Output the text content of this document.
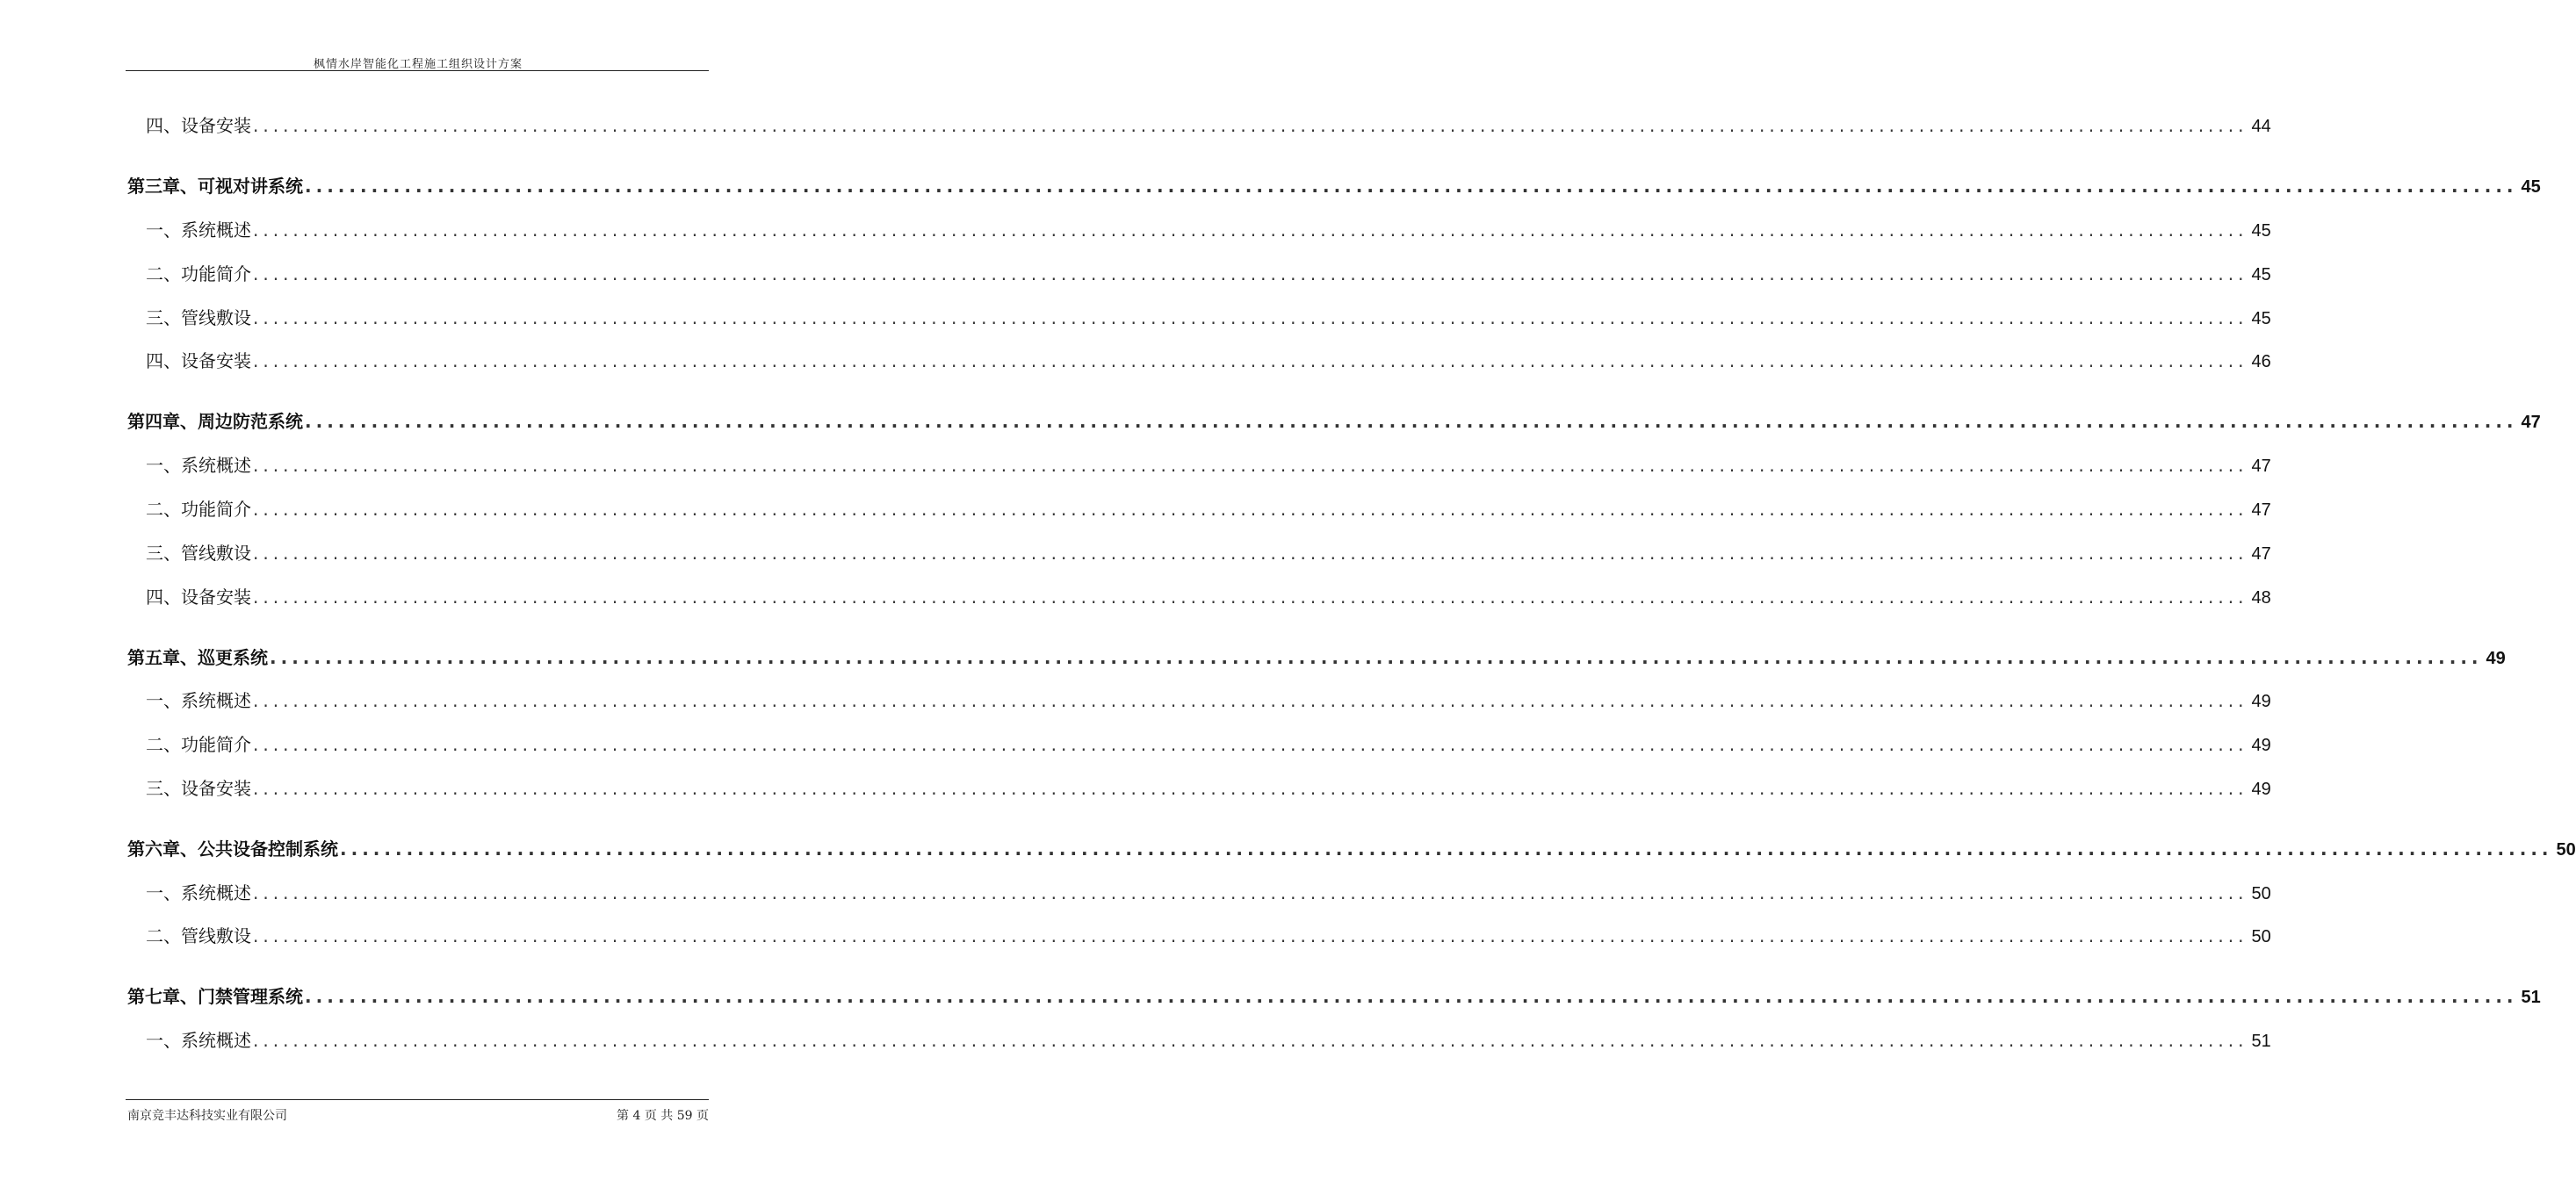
枫情水岸智能化工程施工组织设计方案
四、设备安装 ........................................................................................................................................................................................................ 44
第三章、可视对讲系统 ........................................................................................................................................................................................................ 45
一、系统概述 ........................................................................................................................................................................................................ 45
二、功能简介 ........................................................................................................................................................................................................ 45
三、管线敷设 ........................................................................................................................................................................................................ 45
四、设备安装 ........................................................................................................................................................................................................ 46
第四章、周边防范系统 ........................................................................................................................................................................................................ 47
一、系统概述 ........................................................................................................................................................................................................ 47
二、功能简介 ........................................................................................................................................................................................................ 47
三、管线敷设 ........................................................................................................................................................................................................ 47
四、设备安装 ........................................................................................................................................................................................................ 48
第五章、巡更系统 ........................................................................................................................................................................................................ 49
一、系统概述 ........................................................................................................................................................................................................ 49
二、功能简介 ........................................................................................................................................................................................................ 49
三、设备安装 ........................................................................................................................................................................................................ 49
第六章、公共设备控制系统 ........................................................................................................................................................................................................ 50
一、系统概述 ........................................................................................................................................................................................................ 50
二、管线敷设 ........................................................................................................................................................................................................ 50
第七章、门禁管理系统 ........................................................................................................................................................................................................ 51
一、系统概述 ........................................................................................................................................................................................................ 51
南京竞丰达科技实业有限公司	第 4 页 共 59 页
